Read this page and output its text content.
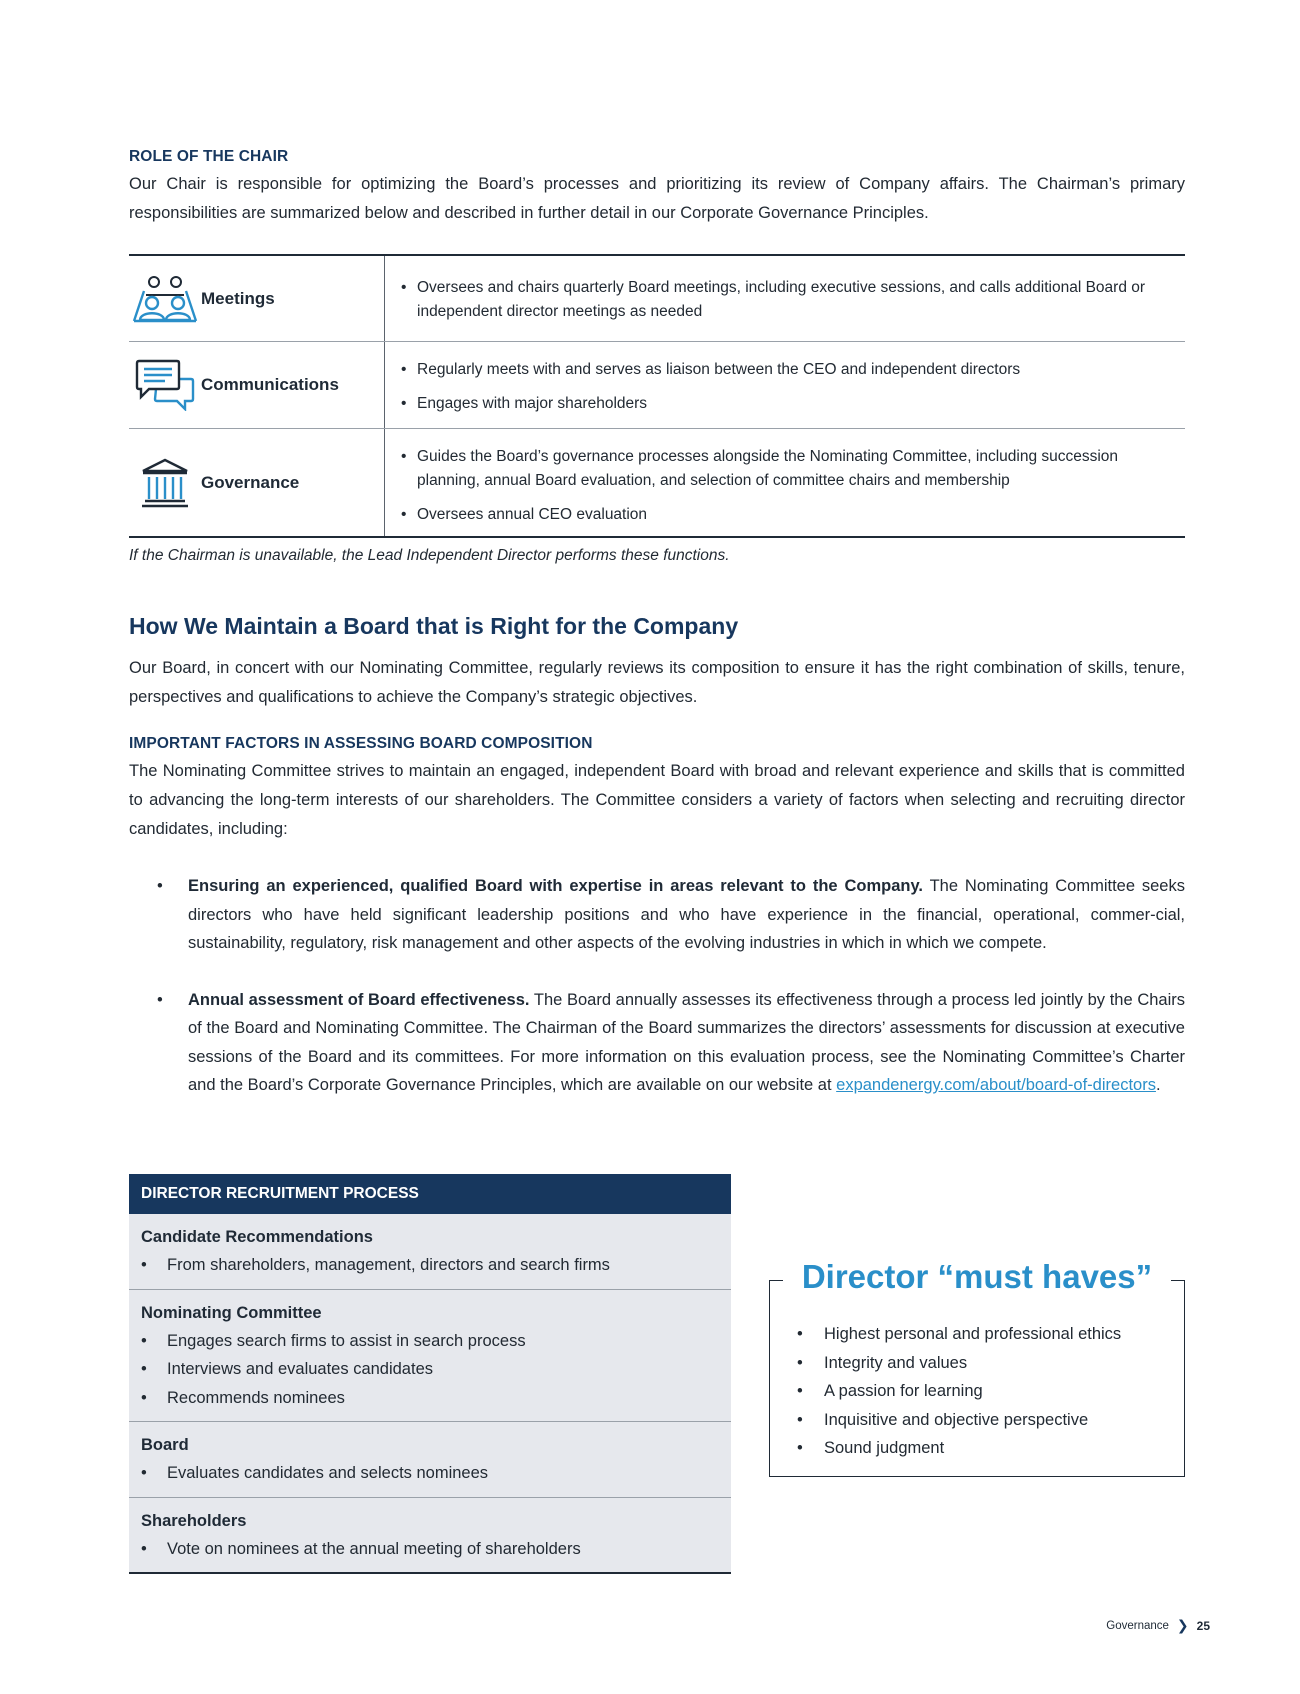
ROLE OF THE CHAIR

Our Chair is responsible for optimizing the Board’s processes and prioritizing its review of Company affairs. The Chairman’s primary responsibilities are summarized below and described in further detail in our Corporate Governance Principles.

Meetings
• Oversees and chairs quarterly Board meetings, including executive sessions, and calls additional Board or independent director meetings as needed
Communications
• Regularly meets with and serves as liaison between the CEO and independent directors
• Engages with major shareholders
Governance
• Guides the Board’s governance processes alongside the Nominating Committee, including succession planning, annual Board evaluation, and selection of committee chairs and membership
• Oversees annual CEO evaluation
If the Chairman is unavailable, the Lead Independent Director performs these functions.
How We Maintain a Board that is Right for the Company

Our Board, in concert with our Nominating Committee, regularly reviews its composition to ensure it has the right combination of skills, tenure, perspectives and qualifications to achieve the Company’s strategic objectives.

IMPORTANT FACTORS IN ASSESSING BOARD COMPOSITION

The Nominating Committee strives to maintain an engaged, independent Board with broad and relevant experience and skills that is committed to advancing the long-term interests of our shareholders. The Committee considers a variety of factors when selecting and recruiting director candidates, including:

• Ensuring an experienced, qualified Board with expertise in areas relevant to the Company. The Nominating Committee seeks directors who have held significant leadership positions and who have experience in the financial, operational, commer-cial, sustainability, regulatory, risk management and other aspects of the evolving industries in which in which we compete.
• Annual assessment of Board effectiveness. The Board annually assesses its effectiveness through a process led jointly by the Chairs of the Board and Nominating Committee. The Chairman of the Board summarizes the directors’ assessments for discussion at executive sessions of the Board and its committees. For more information on this evaluation process, see the Nominating Committee’s Charter and the Board’s Corporate Governance Principles, which are available on our website at expandenergy.com/about/board-of-directors.
DIRECTOR RECRUITMENT PROCESS
Candidate Recommendations
• From shareholders, management, directors and search firms
Nominating Committee
• Engages search firms to assist in search process
• Interviews and evaluates candidates
• Recommends nominees
Board
• Evaluates candidates and selects nominees
Shareholders
• Vote on nominees at the annual meeting of shareholders
Director “must haves”
• Highest personal and professional ethics
• Integrity and values
• A passion for learning
• Inquisitive and objective perspective
• Sound judgment
Governance ❯ 25
